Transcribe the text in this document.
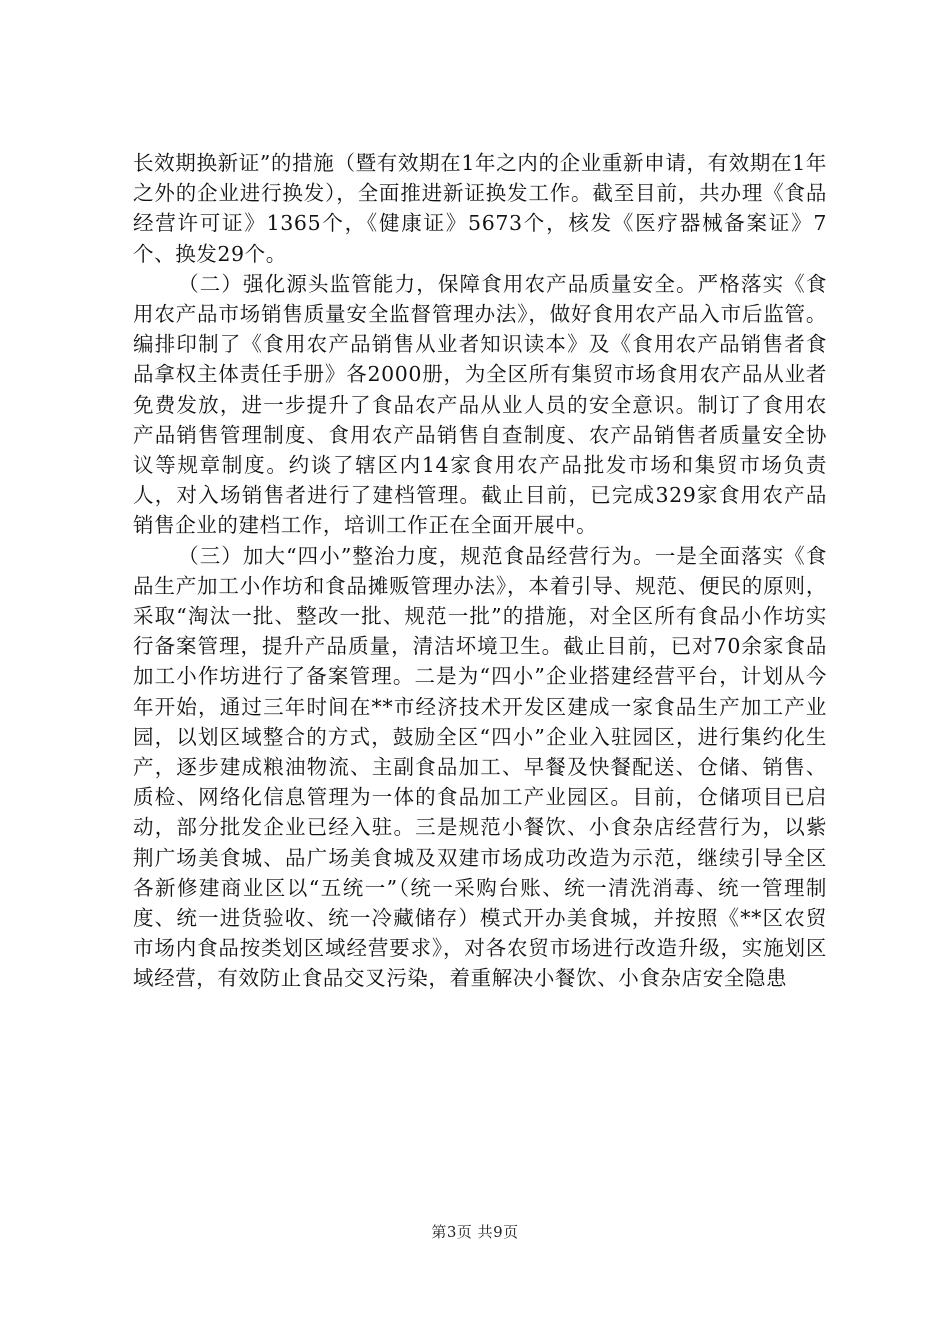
长效期换新证”的措施（暨有效期在1年之内的企业重新申请，有效期在1年之外的企业进行换发），全面推进新证换发工作。截至目前，共办理《食品经营许可证》1365个，《健康证》5673个，核发《医疗器械备案证》7个、换发29个。

（二）强化源头监管能力，保障食用农产品质量安全。严格落实《食用农产品市场销售质量安全监督管理办法》，做好食用农产品入市后监管。编排印制了《食用农产品销售从业者知识读本》及《食用农产品销售者食品拿权主体责任手册》各2000册，为全区所有集贸市场食用农产品从业者免费发放，进一步提升了食品农产品从业人员的安全意识。制订了食用农产品销售管理制度、食用农产品销售自查制度、农产品销售者质量安全协议等规章制度。约谈了辖区内14家食用农产品批发市场和集贸市场负责人，对入场销售者进行了建档管理。截止目前，已完成329家食用农产品销售企业的建档工作，培训工作正在全面开展中。

（三）加大“四小”整治力度，规范食品经营行为。一是全面落实《食品生产加工小作坊和食品摊贩管理办法》，本着引导、规范、便民的原则，采取“淘汰一批、整改一批、规范一批”的措施，对全区所有食品小作坊实行备案管理，提升产品质量，清洁坏境卫生。截止目前，已对70余家食品加工小作坊进行了备案管理。二是为“四小”企业搭建经营平台，计划从今年开始，通过三年时间在**市经济技术开发区建成一家食品生产加工产业园，以划区域整合的方式，鼓励全区“四小”企业入驻园区，进行集约化生产，逐步建成粮油物流、主副食品加工、早餐及快餐配送、仓储、销售、质检、网络化信息管理为一体的食品加工产业园区。目前，仓储项目已启动，部分批发企业已经入驻。三是规范小餐饮、小食杂店经营行为，以紫荆广场美食城、品广场美食城及双建市场成功改造为示范，继续引导全区各新修建商业区以“五统一”（统一采购台账、统一清洗消毒、统一管理制度、统一进货验收、统一冷藏储存）模式开办美食城，并按照《**区农贸市场内食品按类划区域经营要求》，对各农贸市场进行改造升级，实施划区域经营，有效防止食品交叉污染，着重解决小餐饮、小食杂店安全隐患

第3页 共9页
